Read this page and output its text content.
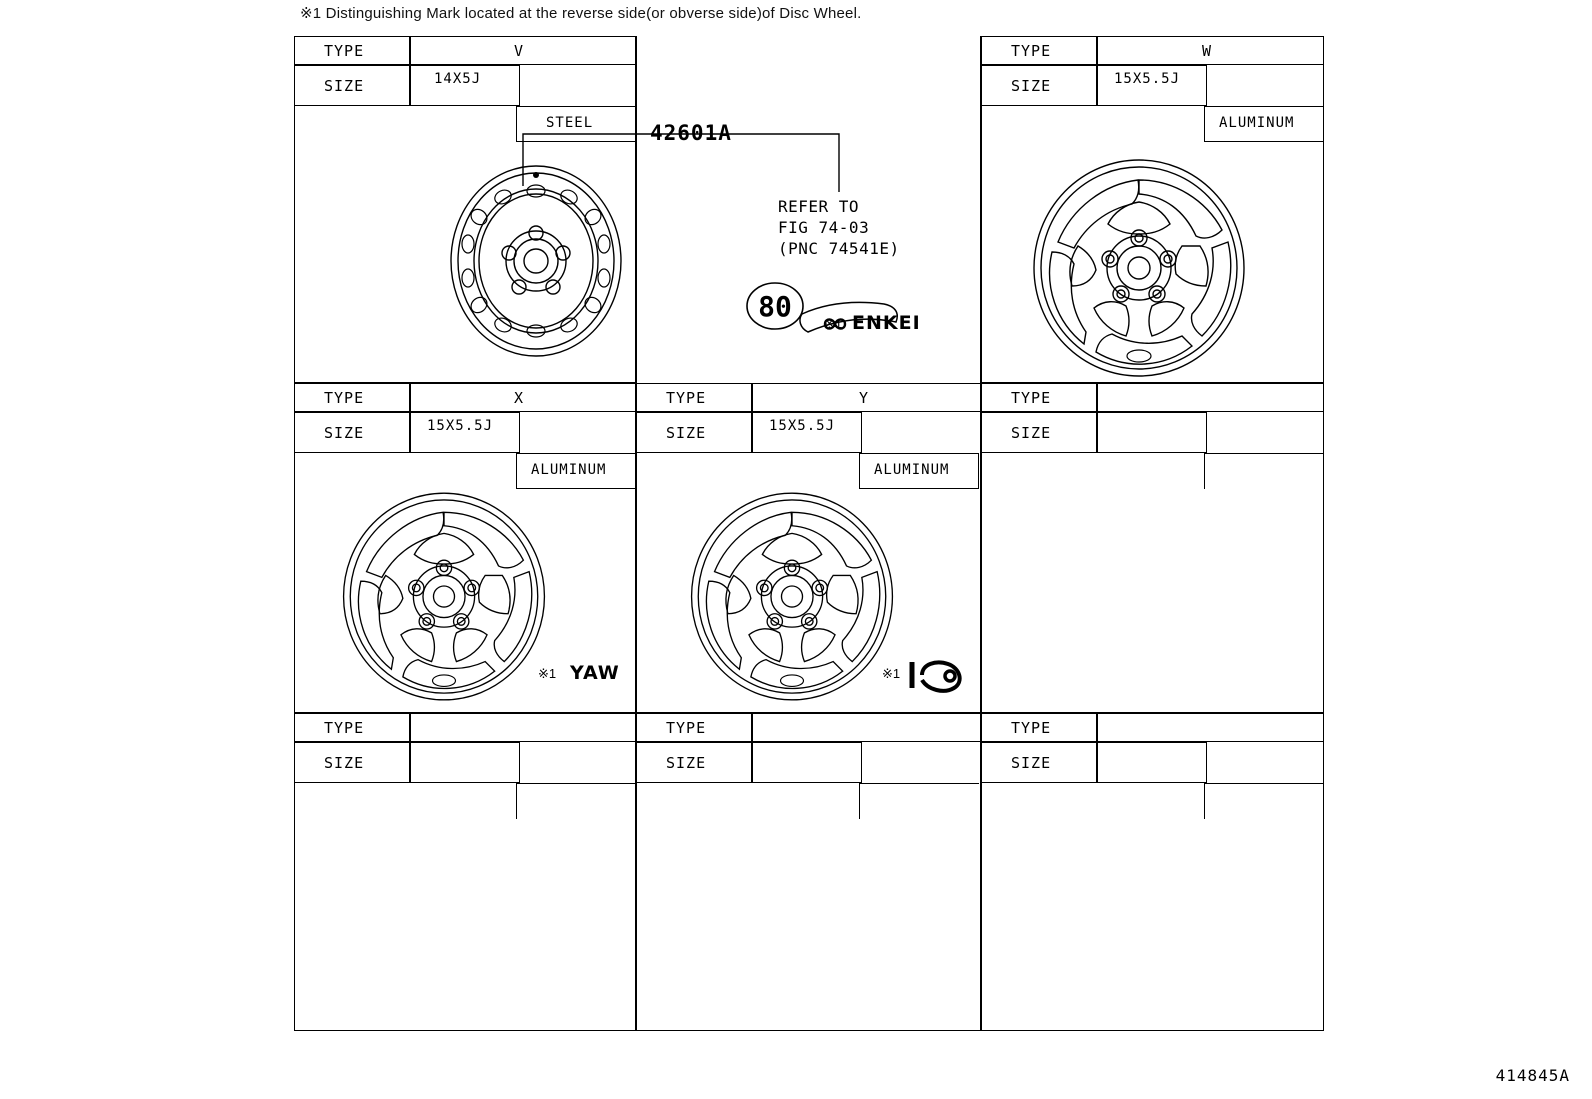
※1 Distinguishing Mark located at the reverse side(or obverse side)of Disc Wheel.
TYPE	V
SIZE	14X5J
STEEL
TYPE	W
SIZE	15X5.5J
ALUMINUM
TYPE	X
SIZE	15X5.5J
ALUMINUM
TYPE	Y
SIZE	15X5.5J
ALUMINUM
TYPE
SIZE
TYPE
SIZE
TYPE
SIZE
TYPE
SIZE
42601A
REFER TO
FIG 74-03
(PNC 74541E)
80
※1 ENKEI
※1 YAW	※1
414845A
